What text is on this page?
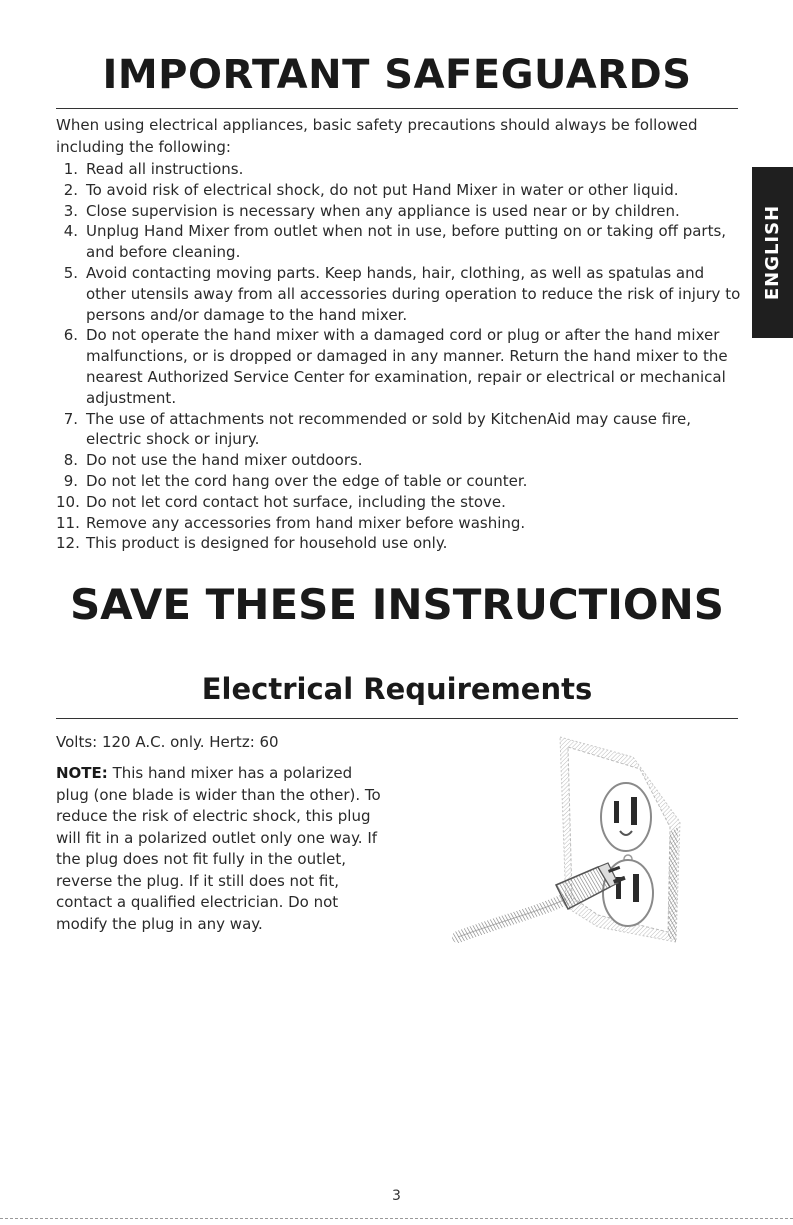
IMPORTANT SAFEGUARDS

When using electrical appliances, basic safety precautions should always be followed including the following:

1. Read all instructions.
2. To avoid risk of electrical shock, do not put Hand Mixer in water or other liquid.
3. Close supervision is necessary when any appliance is used near or by children.
4. Unplug Hand Mixer from outlet when not in use, before putting on or taking off parts, and before cleaning.
5. Avoid contacting moving parts. Keep hands, hair, clothing, as well as spatulas and other utensils away from all accessories during operation to reduce the risk of injury to persons and/or damage to the hand mixer.
6. Do not operate the hand mixer with a damaged cord or plug or after the hand mixer malfunctions, or is dropped or damaged in any manner. Return the hand mixer to the nearest Authorized Service Center for examination, repair or electrical or mechanical adjustment.
7. The use of attachments not recommended or sold by KitchenAid may cause fire, electric shock or injury.
8. Do not use the hand mixer outdoors.
9. Do not let the cord hang over the edge of table or counter.
10. Do not let cord contact hot surface, including the stove.
11. Remove any accessories from hand mixer before washing.
12. This product is designed for household use only.
SAVE THESE INSTRUCTIONS
Electrical Requirements

Volts: 120 A.C. only. Hertz: 60

NOTE: This hand mixer has a polarized plug (one blade is wider than the other). To reduce the risk of electric shock, this plug will fit in a polarized outlet only one way. If the plug does not fit fully in the outlet, reverse the plug. If it still does not fit, contact a qualified electrician. Do not modify the plug in any way.

ENGLISH

3
